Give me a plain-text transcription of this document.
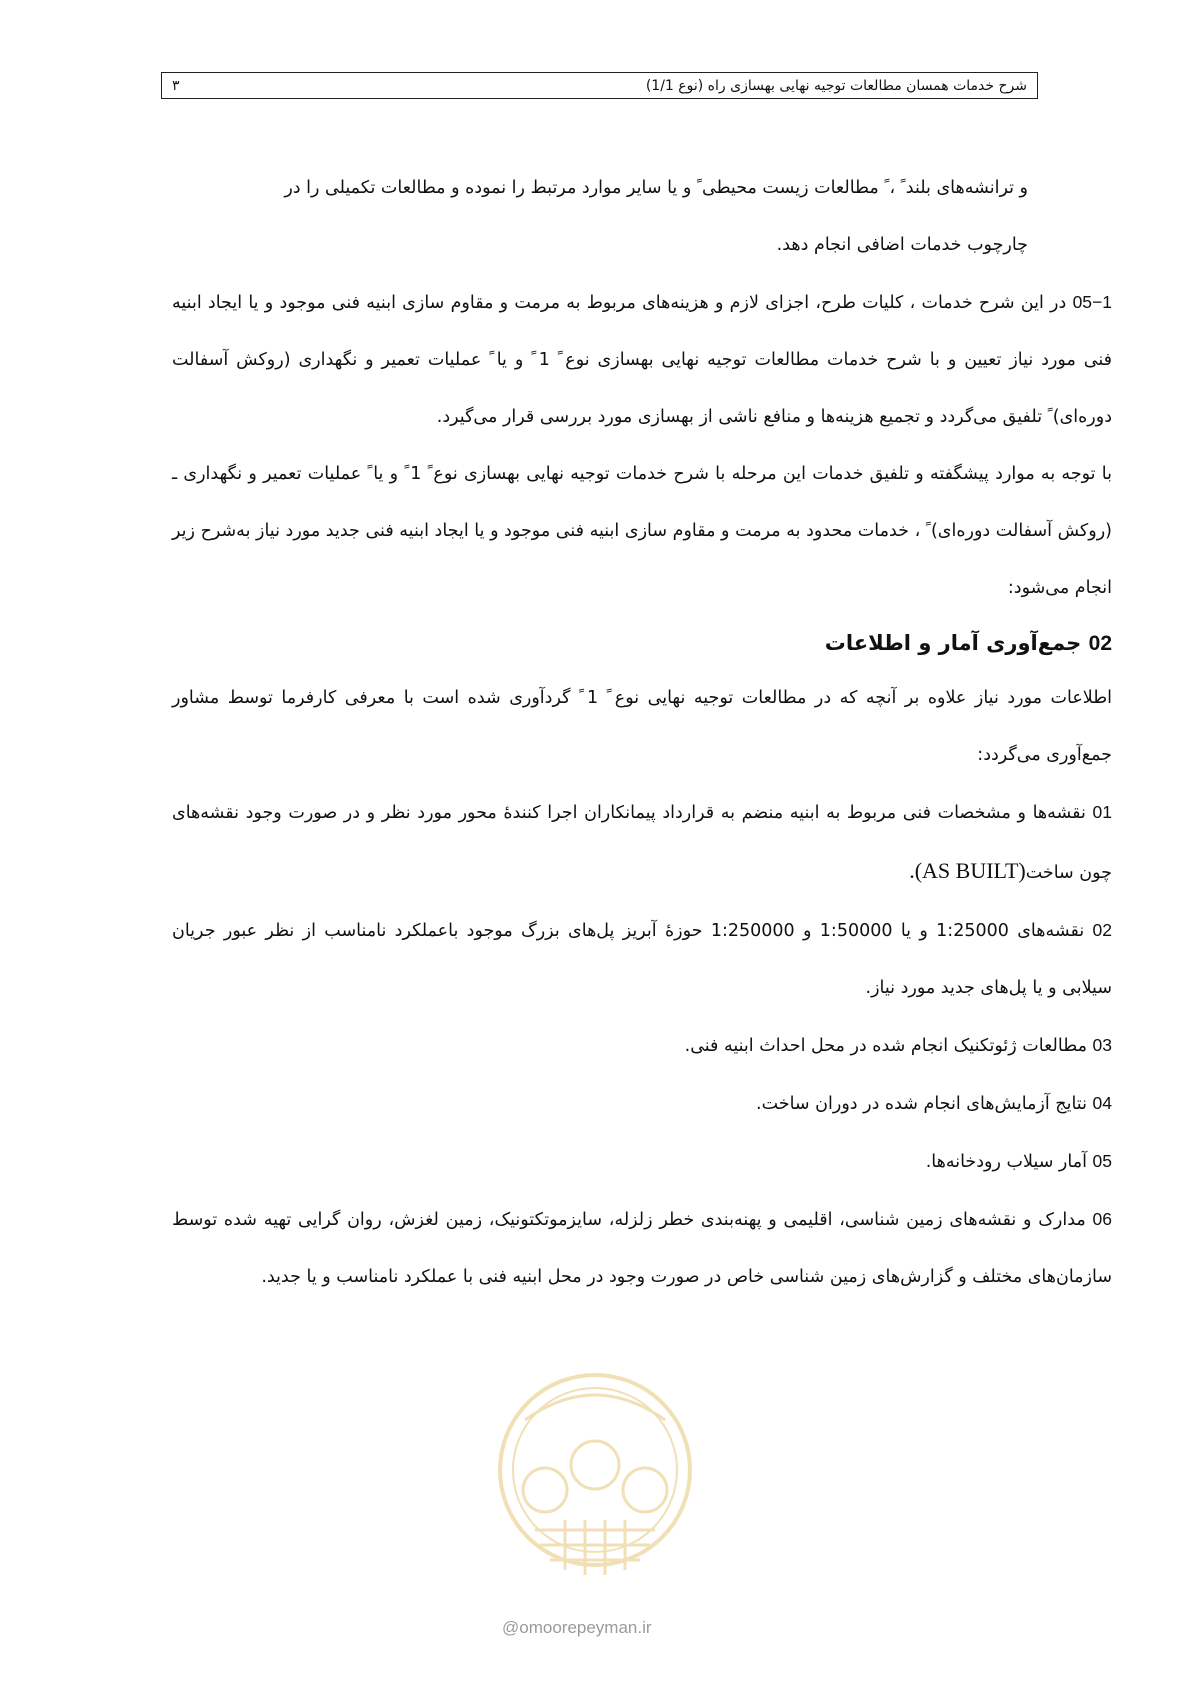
۳	شرح خدمات همسان مطالعات توجیه نهایی بهسازی راه (نوع 1/1)

و ترانشه‌های بلند ً ، ً مطالعات زیست محیطی ً و یا سایر موارد مرتبط را نموده و مطالعات تکمیلی را در

چارچوب خدمات اضافی انجام دهد.

05−1 در این شرح خدمات ، کلیات طرح، اجزای لازم و هزینه‌های مربوط به مرمت و مقاوم سازی ابنیه فنی موجود و یا ایجاد ابنیه فنی مورد نیاز تعیین و با شرح خدمات مطالعات توجیه نهایی بهسازی نوع ً 1 ً و یا ً عملیات تعمیر و نگهداری (روکش آسفالت دوره‌ای) ً تلفیق می‌گردد و تجمیع هزینه‌ها و منافع ناشی از بهسازی مورد بررسی قرار می‌گیرد.

با توجه به موارد پیشگفته و تلفیق خدمات این مرحله با شرح خدمات توجیه نهایی بهسازی نوع ً 1 ً و یا ً عملیات تعمیر و نگهداری ـ (روکش آسفالت دوره‌ای) ً ، خدمات محدود به مرمت و مقاوم سازی ابنیه فنی موجود و یا ایجاد ابنیه فنی جدید مورد نیاز به‌شرح زیر انجام می‌شود:

02 جمع‌آوری آمار و اطلاعات

اطلاعات مورد نیاز علاوه بر آنچه که در مطالعات توجیه نهایی نوع ً 1 ً گردآوری شده است با معرفی کارفرما توسط مشاور جمع‌آوری می‌گردد:

01 نقشه‌ها و مشخصات فنی مربوط به ابنیه منضم به قرارداد پیمانکاران اجرا کنندهٔ محور مورد نظر و در صورت وجود نقشه‌های چون ساخت(AS BUILT).

02 نقشه‌های 1:25000 و یا 1:50000 و 1:250000 حوزهٔ آبریز پل‌های بزرگ موجود باعملکرد نامناسب از نظر عبور جریان سیلابی و یا پل‌های جدید مورد نیاز.

03 مطالعات ژئوتکنیک انجام شده در محل احداث ابنیه فنی.

04 نتایج آزمایش‌های انجام شده در دوران ساخت.

05 آمار سیلاب رودخانه‌ها.

06 مدارک و نقشه‌های زمین شناسی، اقلیمی و پهنه‌بندی خطر زلزله، سایزموتکتونیک، زمین لغزش، روان گرایی تهیه شده توسط سازمان‌های مختلف و گزارش‌های زمین شناسی خاص در صورت وجود در محل ابنیه فنی با عملکرد نامناسب و یا جدید.

@omoorepeyman.ir
